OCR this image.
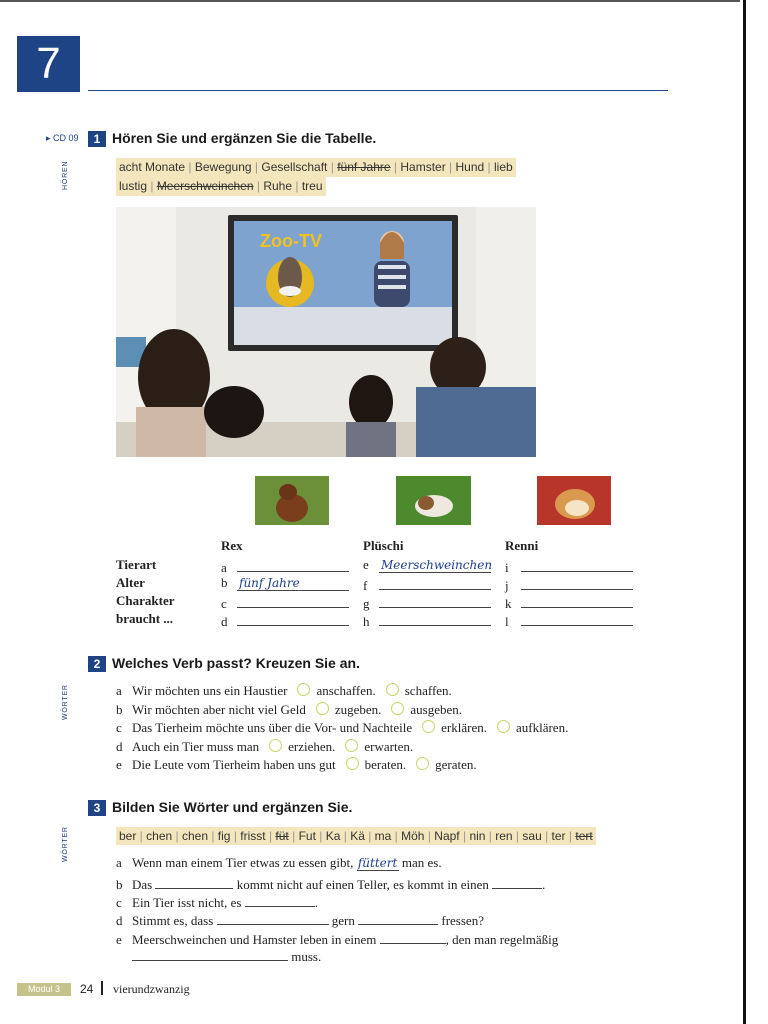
7
▸ CD 09	1 Hören Sie und ergänzen Sie die Tabelle.
HÖREN	acht Monate | Bewegung | Gesellschaft | fünf Jahre | Hamster | Hund | lieb
lustig | Meerschweinchen | Ruhe | treu
Zoo-TV
Rex	Plüschi	Renni
Tierart	a	e Meerschweinchen i
Alter	b fünf Jahre	f	j
Charakter	c	g	k
braucht ...	d	h	l
2 Welches Verb passt? Kreuzen Sie an.
WÖRTER	a Wir möchten uns ein Haustier anschaffen. schaffen.
b Wir möchten aber nicht viel Geld zugeben. ausgeben.
c Das Tierheim möchte uns über die Vor- und Nachteile erklären. aufklären.
d Auch ein Tier muss man erziehen. erwarten.
e Die Leute vom Tierheim haben uns gut beraten. geraten.
3 Bilden Sie Wörter und ergänzen Sie.
WÖRTER	ber | chen | chen | fig | frisst | füt | Fut | Ka | Kä | ma | Möh | Napf | nin | ren | sau | ter | tert
a Wenn man einem Tier etwas zu essen gibt, füttert man es.
b Das	kommt nicht auf einen Teller, es kommt in einen	.
c Ein Tier isst nicht, es	.
d Stimmt es, dass	gern	fressen?
e Meerschweinchen und Hamster leben in einem	, den man regelmäßig
muss.
Modul 3	24 vierundzwanzig
